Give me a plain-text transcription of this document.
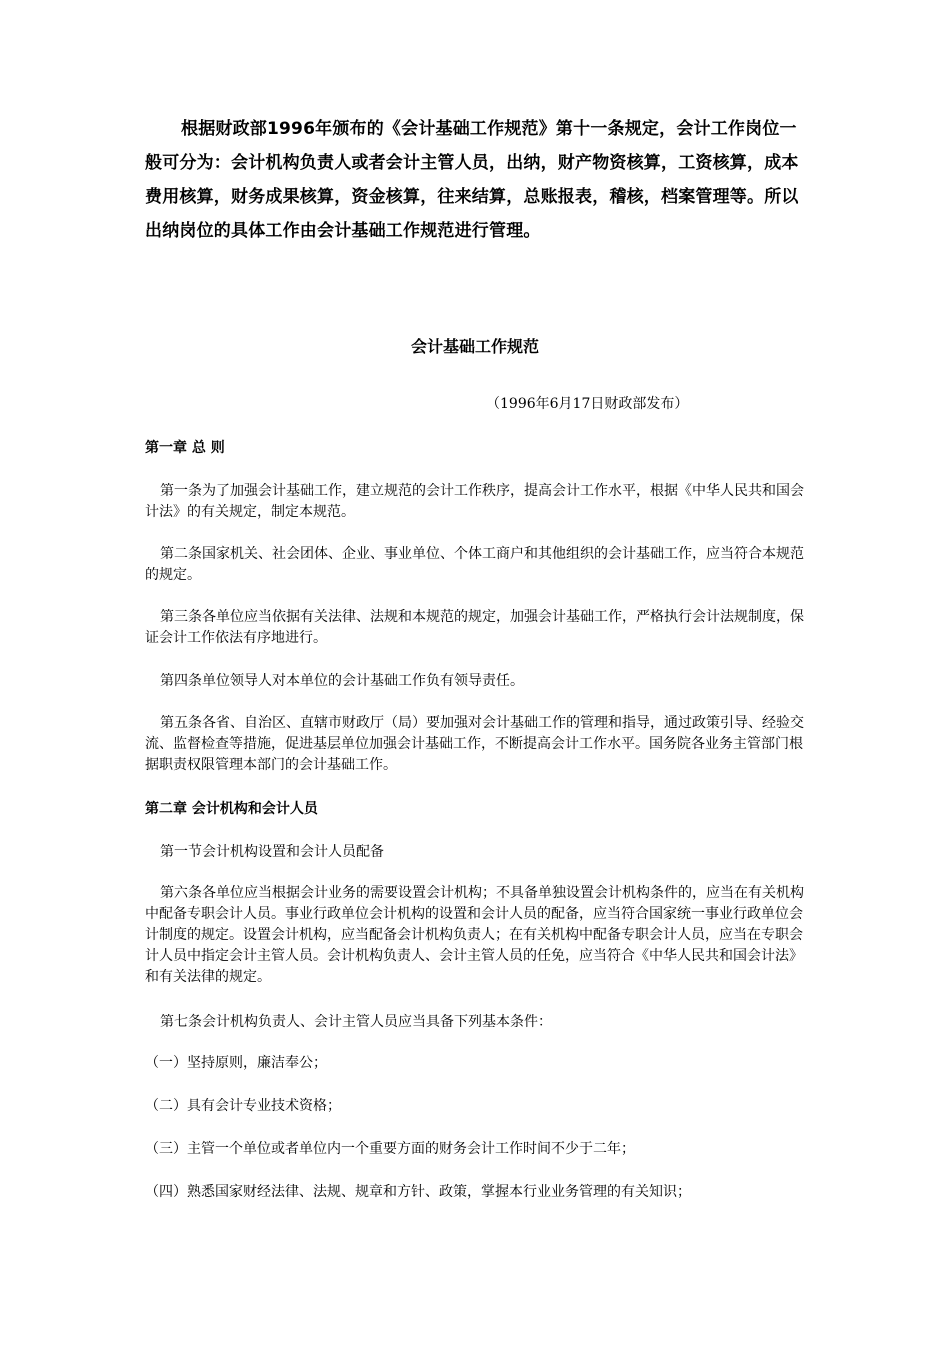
根据财政部1996年颁布的《会计基础工作规范》第十一条规定，会计工作岗位一般可分为：会计机构负责人或者会计主管人员，出纳，财产物资核算，工资核算，成本费用核算，财务成果核算，资金核算，往来结算，总账报表，稽核，档案管理等。所以出纳岗位的具体工作由会计基础工作规范进行管理。

会计基础工作规范

（1996年6月17日财政部发布）

第一章 总 则

第一条为了加强会计基础工作，建立规范的会计工作秩序，提高会计工作水平，根据《中华人民共和国会计法》的有关规定，制定本规范。

第二条国家机关、社会团体、企业、事业单位、个体工商户和其他组织的会计基础工作，应当符合本规范的规定。

第三条各单位应当依据有关法律、法规和本规范的规定，加强会计基础工作，严格执行会计法规制度，保证会计工作依法有序地进行。

第四条单位领导人对本单位的会计基础工作负有领导责任。

第五条各省、自治区、直辖市财政厅（局）要加强对会计基础工作的管理和指导，通过政策引导、经验交流、监督检查等措施，促进基层单位加强会计基础工作，不断提高会计工作水平。国务院各业务主管部门根据职责权限管理本部门的会计基础工作。

第二章 会计机构和会计人员

第一节会计机构设置和会计人员配备

第六条各单位应当根据会计业务的需要设置会计机构；不具备单独设置会计机构条件的，应当在有关机构中配备专职会计人员。事业行政单位会计机构的设置和会计人员的配备，应当符合国家统一事业行政单位会计制度的规定。设置会计机构，应当配备会计机构负责人；在有关机构中配备专职会计人员，应当在专职会计人员中指定会计主管人员。会计机构负责人、会计主管人员的任免，应当符合《中华人民共和国会计法》和有关法律的规定。

第七条会计机构负责人、会计主管人员应当具备下列基本条件：

（一）坚持原则，廉洁奉公；

（二）具有会计专业技术资格；

（三）主管一个单位或者单位内一个重要方面的财务会计工作时间不少于二年；

（四）熟悉国家财经法律、法规、规章和方针、政策，掌握本行业业务管理的有关知识；
